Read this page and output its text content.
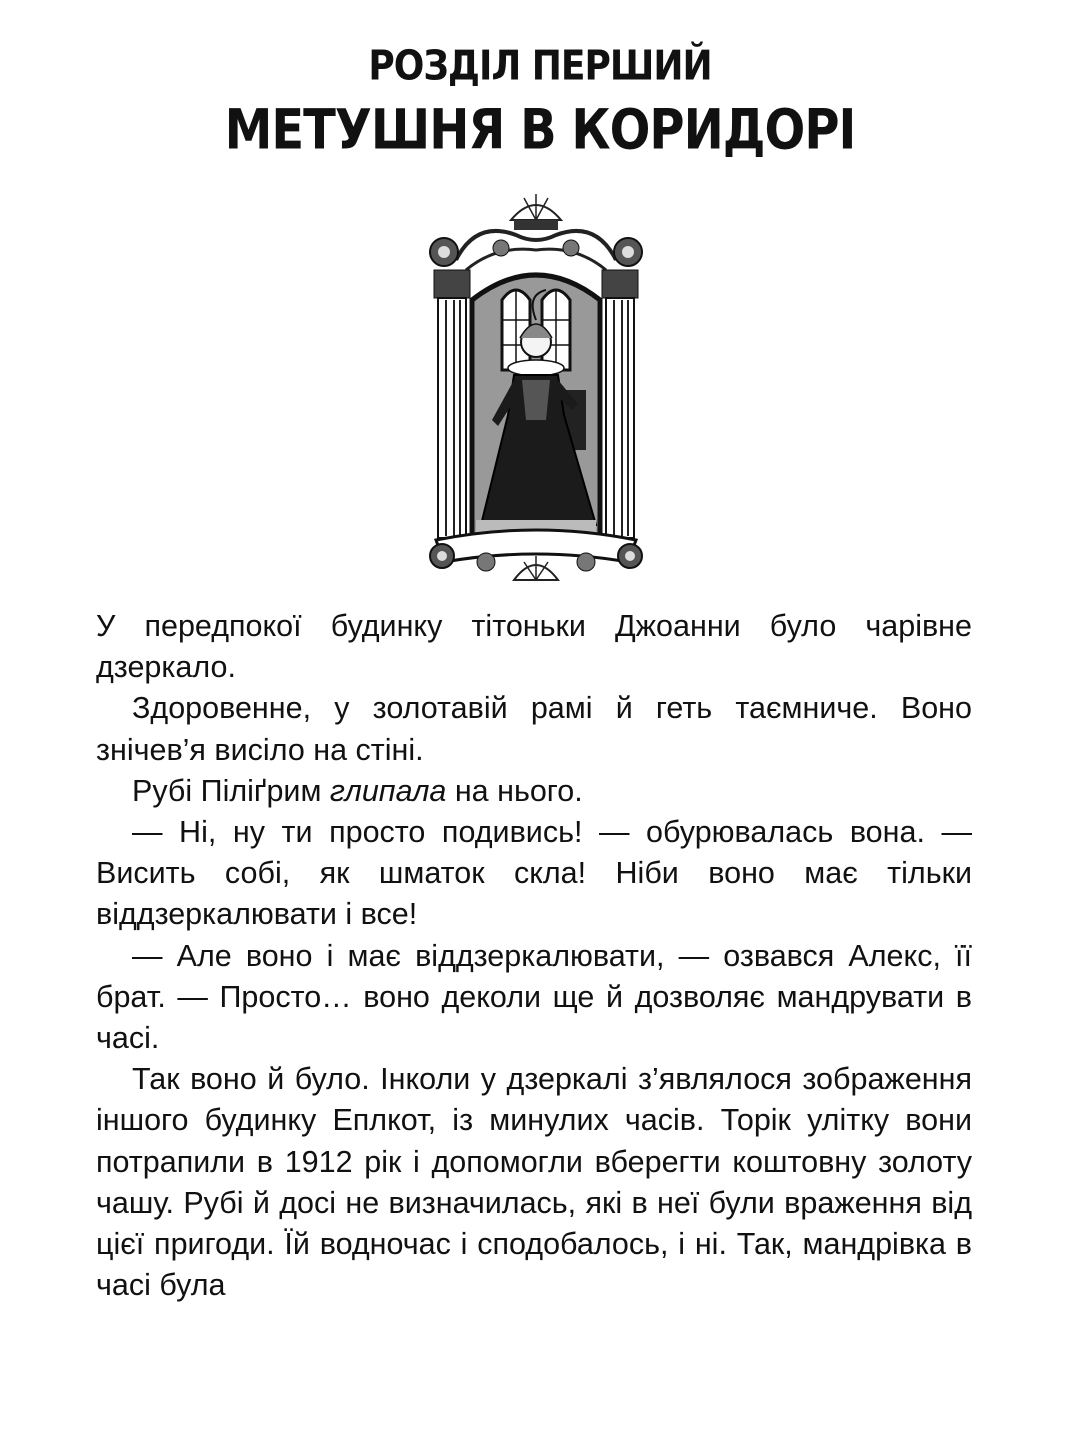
РОЗДІЛ ПЕРШИЙ
МЕТУШНЯ В КОРИДОРІ

У передпокої будинку тітоньки Джоанни було чарівне дзеркало.

Здоровенне, у золотавій рамі й геть таємниче. Воно знічев’я висіло на стіні.

Рубі Пiлiґрим глипала на нього.

— Ні, ну ти просто подивись! — обурювалась вона. — Висить собі, як шматок скла! Ніби воно має тільки віддзеркалювати і все!

— Але воно і має віддзеркалювати, — озвався Алекс, її брат. — Просто… воно деколи ще й дозволяє мандрувати в часі.

Так воно й було. Інколи у дзеркалі з’являлося зображення іншого будинку Еплкот, із минулих часів. Торік улітку вони потрапили в 1912 рік і допомогли вберегти коштовну золоту чашу. Рубі й досі не визначилась, які в неї були враження від цієї пригоди. Їй водночас і сподобалось, і ні. Так, мандрівка в часі була
